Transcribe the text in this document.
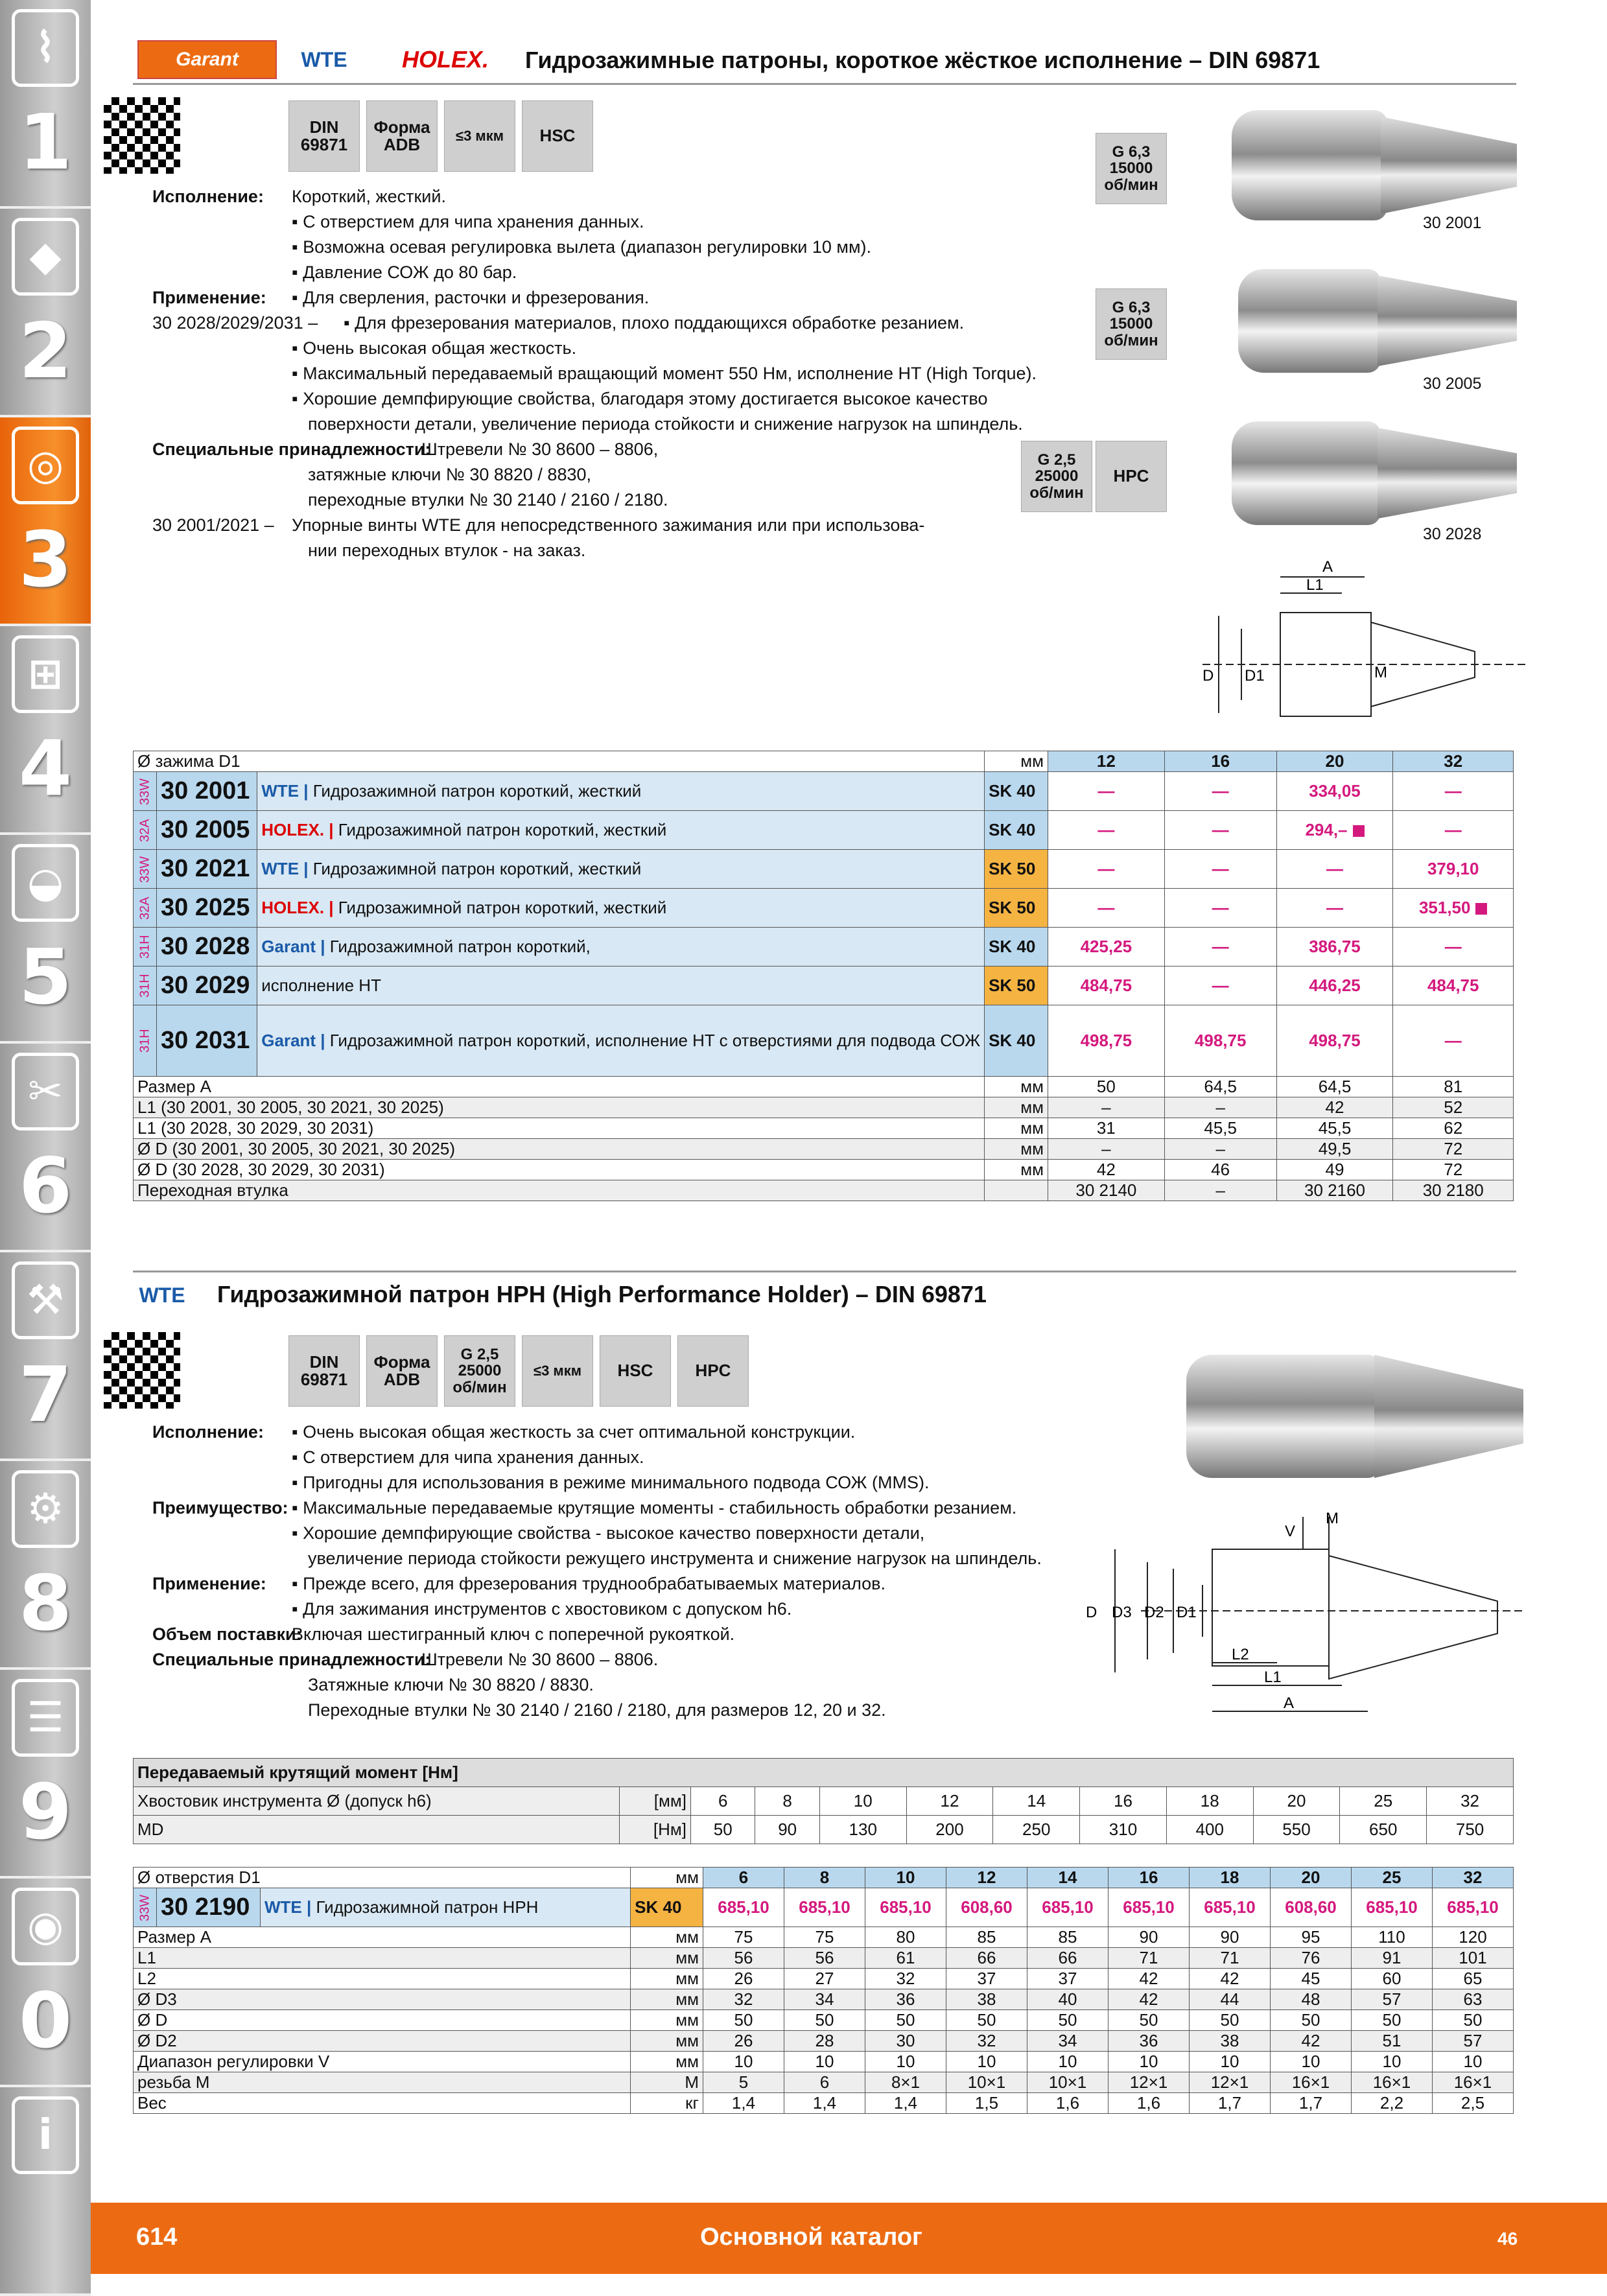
⌇
1
◆
2
◎
3
⊞
4
◒
5
✂
6
⚒
7
⚙
8
☰
9
◉
0
i
Garant	WTE	HOLEX.	Гидрозажимные патроны, короткое жёсткое исполнение – DIN 69871
DIN 69871
Форма ADB	≤3 мкм	HSC
G 6,3 15000 об/мин
G 6,3 15000 об/мин
G 2,5 25000 об/мин
HPC
30 2001
30 2005
30 2028
A
L1
D D1	M
Исполнение: Короткий, жесткий.
▪ С отверстием для чипа хранения данных.
▪ Возможна осевая регулировка вылета (диапазон регулировки 10 мм).
▪ Давление СОЖ до 80 бар.
Применение: ▪ Для сверления, расточки и фрезерования.
30 2028/2029/2031 – ▪ Для фрезерования материалов, плохо поддающихся обработке резанием.
▪ Очень высокая общая жесткость.
▪ Максимальный передаваемый вращающий момент 550 Нм, исполнение HT (High Torque).
▪ Хорошие демпфирующие свойства, благодаря этому достигается высокое качество
поверхности детали, увеличение периода стойкости и снижение нагрузок на шпиндель.
Специальные принадлежности:
Штревели № 30 8600 – 8806,
затяжные ключи № 30 8820 / 8830,
переходные втулки № 30 2140 / 2160 / 2180.
30 2001/2021 – Упорные винты WTE для непосредственного зажимания или при использова-
нии переходных втулок - на заказ.
Ø зажима D1			мм	12	16	20	32
33W	30 2001	WTE | Гидрозажимной патрон короткий, жесткий	SK 40	—	—	334,05	—
32A	30 2005	HOLEX. | Гидрозажимной патрон короткий, жесткий	SK 40	—	—	294,–	—
33W	30 2021	WTE | Гидрозажимной патрон короткий, жесткий	SK 50	—	—	—	379,10
32A	30 2025	HOLEX. | Гидрозажимной патрон короткий, жесткий	SK 50	—	—	—	351,50
31H	30 2028	Garant | Гидрозажимной патрон короткий,	SK 40	425,25	—	386,75	—
31H	30 2029	исполнение HT	SK 50	484,75	—	446,25	484,75
31H	30 2031	Garant | Гидрозажимной патрон короткий, исполнение HT с отверстиями для подвода СОЖ	SK 40	498,75	498,75	498,75	—
Размер A			мм	50	64,5	64,5	81
L1 (30 2001, 30 2005, 30 2021, 30 2025)			мм	–	–	42	52
L1 (30 2028, 30 2029, 30 2031)			мм	31	45,5	45,5	62
Ø D (30 2001, 30 2005, 30 2021, 30 2025)			мм	–	–	49,5	72
Ø D (30 2028, 30 2029, 30 2031)			мм	42	46	49	72
Переходная втулка				30 2140	–	30 2160	30 2180
WTE Гидрозажимной патрон HPH (High Performance Holder) – DIN 69871
DIN 69871
Форма ADB
G 2,5 25000 об/мин
≤3 мкм	HSC	HPC
V
M
D D3 D2 D1
L2
L1
A
Исполнение: ▪ Очень высокая общая жесткость за счет оптимальной конструкции.
▪ С отверстием для чипа хранения данных.
▪ Пригодны для использования в режиме минимального подвода СОЖ (MMS).
Преимущество: ▪ Максимальные передаваемые крутящие моменты - стабильность обработки резанием.
▪ Хорошие демпфирующие свойства - высокое качество поверхности детали,
увеличение периода стойкости режущего инструмента и снижение нагрузок на шпиндель.
Применение: ▪ Прежде всего, для фрезерования труднообрабатываемых материалов.
▪ Для зажимания инструментов с хвостовиком с допуском h6.
Объем поставки:
Включая шестигранный ключ с поперечной рукояткой.
Специальные принадлежности:
Штревели № 30 8600 – 8806.
Затяжные ключи № 30 8820 / 8830.
Переходные втулки № 30 2140 / 2160 / 2180, для размеров 12, 20 и 32.
Передаваемый крутящий момент [Нм]											
Хвостовик инструмента Ø (допуск h6)	[мм]	6	8	10	12	14	16	18	20	25	32
MD	[Нм]	50	90	130	200	250	310	400	550	650	750
Ø отверстия D1			мм	6	8	10	12	14	16	18	20	25	32
33W	30 2190	WTE | Гидрозажимной патрон HPH	SK 40	685,10	685,10	685,10	608,60	685,10	685,10	685,10	608,60	685,10	685,10
Размер A			мм	75	75	80	85	85	90	90	95	110	120
L1			мм	56	56	61	66	66	71	71	76	91	101
L2			мм	26	27	32	37	37	42	42	45	60	65
Ø D3			мм	32	34	36	38	40	42	44	48	57	63
Ø D			мм	50	50	50	50	50	50	50	50	50	50
Ø D2			мм	26	28	30	32	34	36	38	42	51	57
Диапазон регулировки V			мм	10	10	10	10	10	10	10	10	10	10
резьба M			M	5	6	8×1	10×1	10×1	12×1	12×1	16×1	16×1	16×1
Вес			кг	1,4	1,4	1,4	1,5	1,6	1,6	1,7	1,7	2,2	2,5
614	Основной каталог	46
